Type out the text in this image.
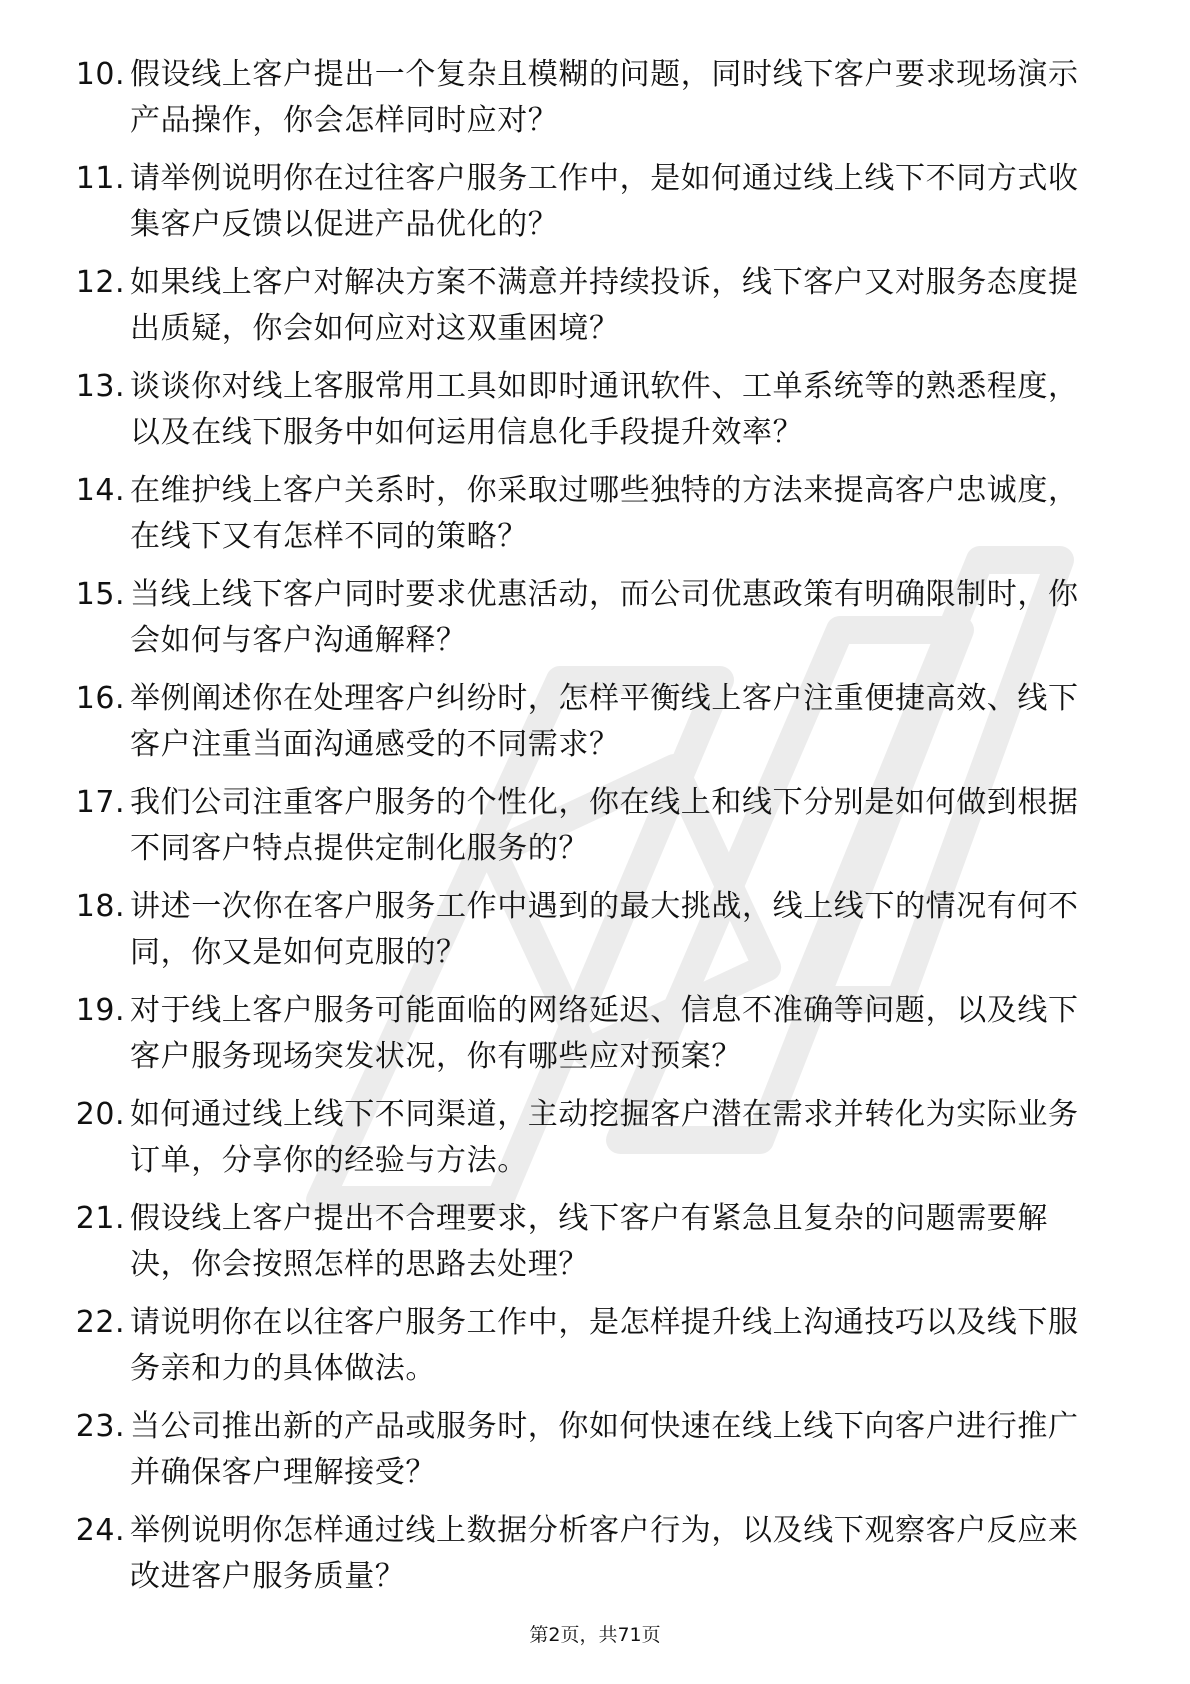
10. 假设线上客户提出一个复杂且模糊的问题，同时线下客户要求现场演示产品操作，你会怎样同时应对？
11. 请举例说明你在过往客户服务工作中，是如何通过线上线下不同方式收集客户反馈以促进产品优化的？
12. 如果线上客户对解决方案不满意并持续投诉，线下客户又对服务态度提出质疑，你会如何应对这双重困境？
13. 谈谈你对线上客服常用工具如即时通讯软件、工单系统等的熟悉程度，以及在线下服务中如何运用信息化手段提升效率？
14. 在维护线上客户关系时，你采取过哪些独特的方法来提高客户忠诚度，在线下又有怎样不同的策略？
15. 当线上线下客户同时要求优惠活动，而公司优惠政策有明确限制时，你会如何与客户沟通解释？
16. 举例阐述你在处理客户纠纷时，怎样平衡线上客户注重便捷高效、线下客户注重当面沟通感受的不同需求？
17. 我们公司注重客户服务的个性化，你在线上和线下分别是如何做到根据不同客户特点提供定制化服务的？
18. 讲述一次你在客户服务工作中遇到的最大挑战，线上线下的情况有何不同，你又是如何克服的？
19. 对于线上客户服务可能面临的网络延迟、信息不准确等问题，以及线下客户服务现场突发状况，你有哪些应对预案？
20. 如何通过线上线下不同渠道，主动挖掘客户潜在需求并转化为实际业务订单，分享你的经验与方法。
21. 假设线上客户提出不合理要求，线下客户有紧急且复杂的问题需要解决，你会按照怎样的思路去处理？
22. 请说明你在以往客户服务工作中，是怎样提升线上沟通技巧以及线下服务亲和力的具体做法。
23. 当公司推出新的产品或服务时，你如何快速在线上线下向客户进行推广并确保客户理解接受？
24. 举例说明你怎样通过线上数据分析客户行为，以及线下观察客户反应来改进客户服务质量？
第2页，共71页
